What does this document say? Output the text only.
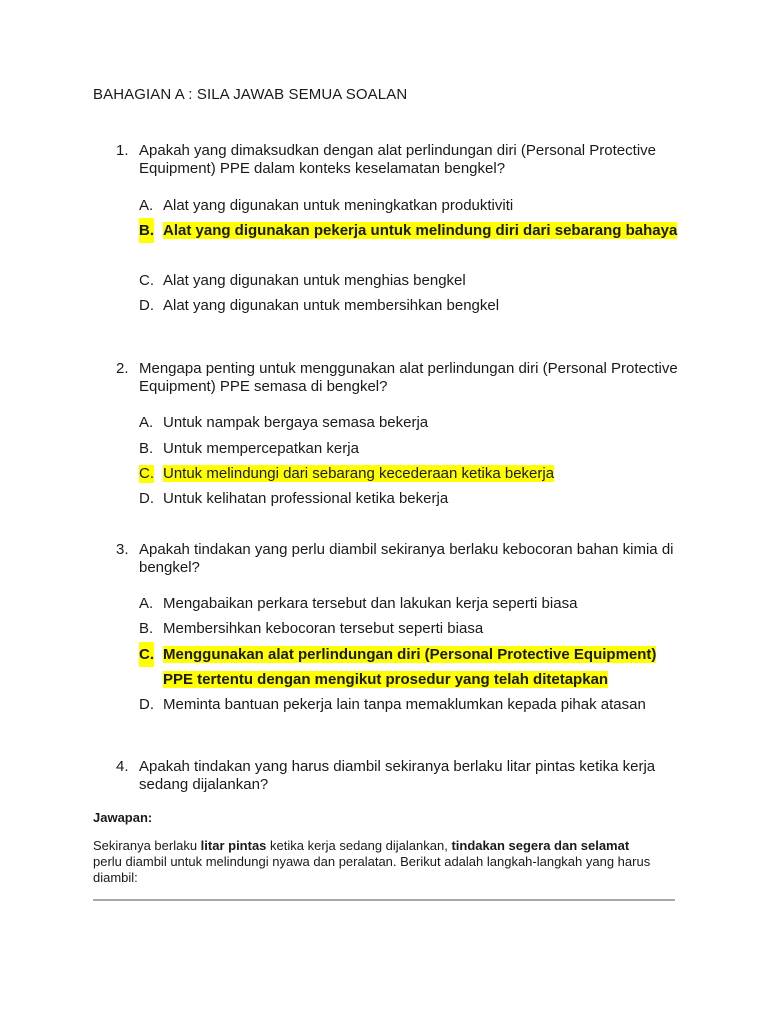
BAHAGIAN A : SILA JAWAB SEMUA SOALAN
1. Apakah yang dimaksudkan dengan alat perlindungan diri (Personal Protective Equipment) PPE dalam konteks keselamatan bengkel?
A. Alat yang digunakan untuk meningkatkan produktiviti
B. Alat yang digunakan pekerja untuk melindung diri dari sebarang bahaya
C. Alat yang digunakan untuk menghias bengkel
D. Alat yang digunakan untuk membersihkan bengkel
2. Mengapa penting untuk menggunakan alat perlindungan diri (Personal Protective Equipment) PPE semasa di bengkel?
A. Untuk nampak bergaya semasa bekerja
B. Untuk mempercepatkan kerja
C. Untuk melindungi dari sebarang kecederaan ketika bekerja
D. Untuk kelihatan professional ketika bekerja
3. Apakah tindakan yang perlu diambil sekiranya berlaku kebocoran bahan kimia di bengkel?
A. Mengabaikan perkara tersebut dan lakukan kerja seperti biasa
B. Membersihkan kebocoran tersebut seperti biasa
C. Menggunakan alat perlindungan diri (Personal Protective Equipment) PPE tertentu dengan mengikut prosedur yang telah ditetapkan
D. Meminta bantuan pekerja lain tanpa memaklumkan kepada pihak atasan
4. Apakah tindakan yang harus diambil sekiranya berlaku litar pintas ketika kerja sedang dijalankan?
Jawapan:
Sekiranya berlaku litar pintas ketika kerja sedang dijalankan, tindakan segera dan selamat perlu diambil untuk melindungi nyawa dan peralatan. Berikut adalah langkah-langkah yang harus diambil:
